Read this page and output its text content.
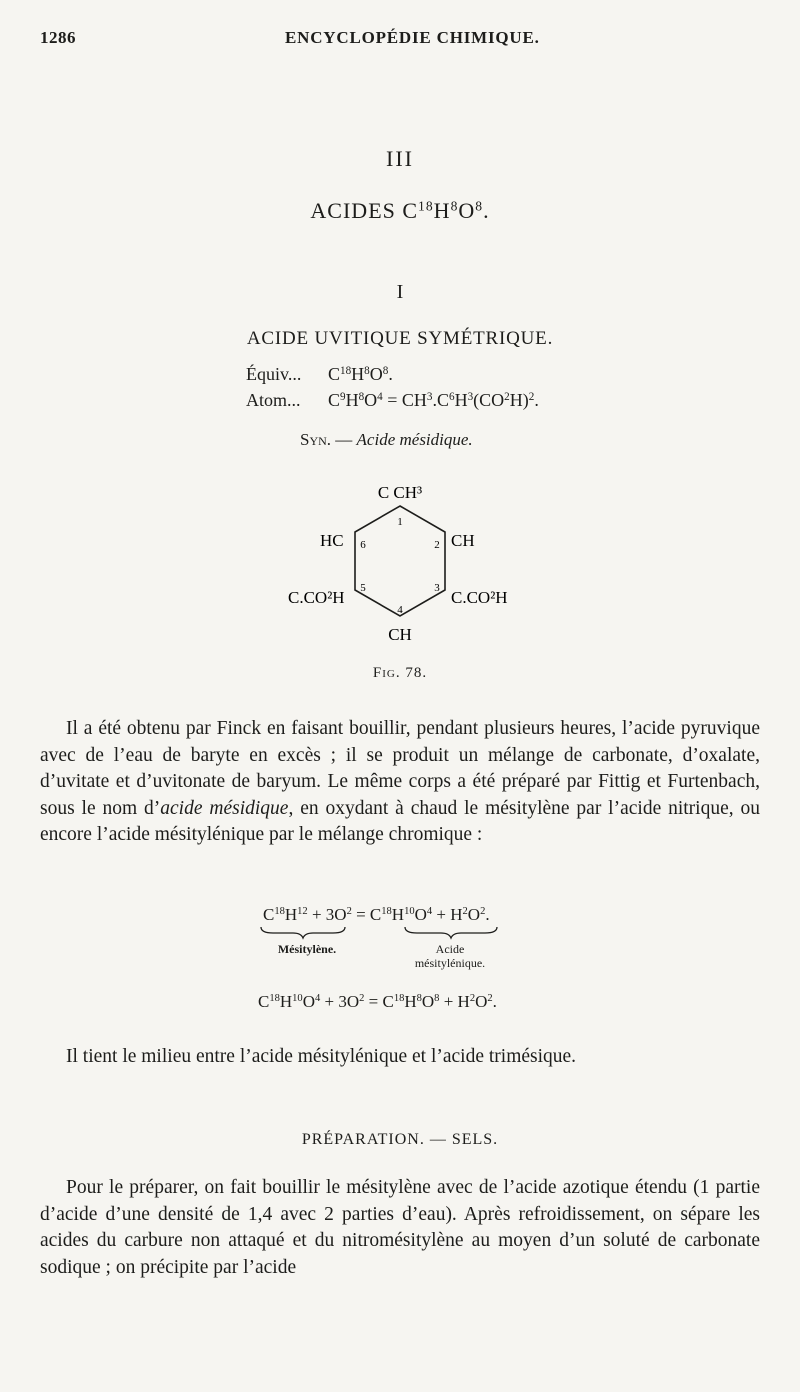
1286	ENCYCLOPÉDIE CHIMIQUE.
III
ACIDES $C^{18}H^8O^8$.
I
ACIDE UVITIQUE SYMÉTRIQUE.
Équiv... $C^{18}H^8O^8$.
Atom... $C^9H^8O^4 = CH^3.C^6H^3(CO^2H)^2$.
Syn. — Acide mésidique.
C CH³
HC	CH
C.CO²H	C.CO²H
CH
1
2
3
4
5
6
Fig. 78.
Il a été obtenu par Finck en faisant bouillir, pendant plusieurs heures, l’acide pyruvique avec de l’eau de baryte en excès ; il se produit un mélange de carbonate, d’oxalate, d’uvitate et d’uvitonate de baryum. Le même corps a été préparé par Fittig et Furtenbach, sous le nom d’acide mésidique, en oxydant à chaud le mésitylène par l’acide nitrique, ou encore l’acide mésitylénique par le mélange chromique :
$C^{18}H^{12} + 3O^2 = C^{18}H^{10}O^4 + H^2O^2$.
Mésitylène.	Acide
mésitylénique.
$C^{18}H^{10}O^4 + 3O^2 = C^{18}H^8O^8 + H^2O^2$.
Il tient le milieu entre l’acide mésitylénique et l’acide trimésique.
PRÉPARATION. — SELS.
Pour le préparer, on fait bouillir le mésitylène avec de l’acide azotique étendu (1 partie d’acide d’une densité de 1,4 avec 2 parties d’eau). Après refroidissement, on sépare les acides du carbure non attaqué et du nitromésitylène au moyen d’un soluté de carbonate sodique ; on précipite par l’acide
